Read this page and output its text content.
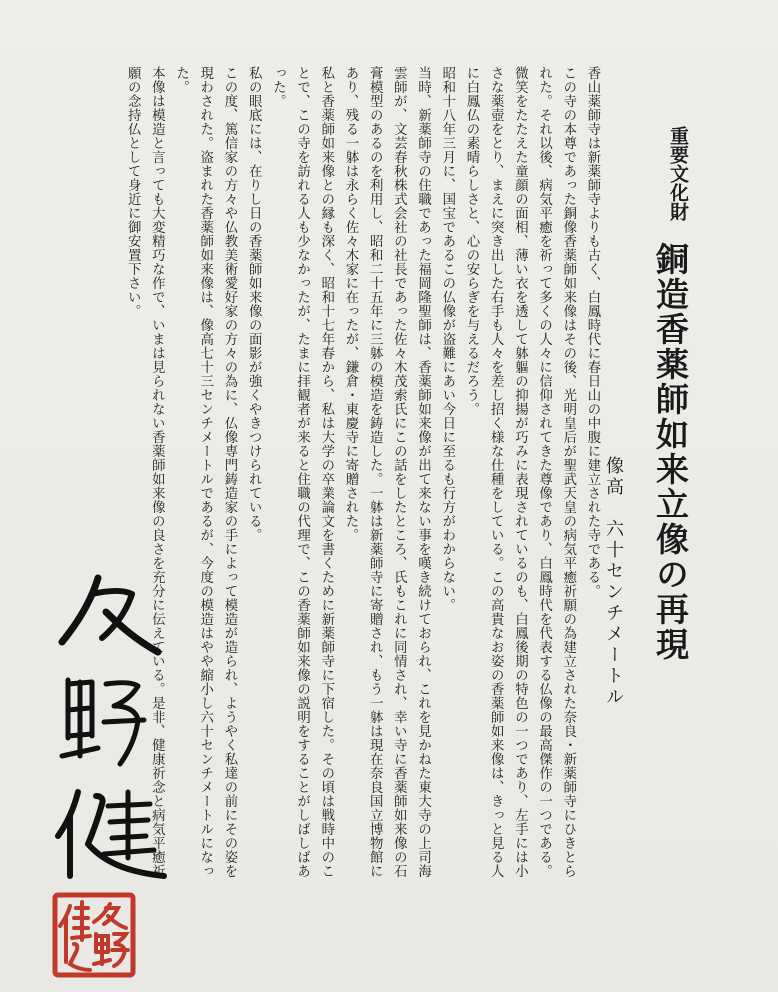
重要文化財
銅造香薬師如来立像の再現
像高　六十センチメートル

香山薬師寺は新薬師寺よりも古く、白鳳時代に春日山の中腹に建立された寺である。
この寺の本尊であった銅像香薬師如来像はその後、光明皇后が聖武天皇の病気平癒祈願の為建立された奈良・新薬師寺にひきとられた。それ以後、病気平癒を祈って多くの人々に信仰されてきた尊像であり、白鳳時代を代表する仏像の最高傑作の一つである。
微笑をたたえた童顔の面相、薄い衣を透して躰軀の抑揚が巧みに表現されているのも、白鳳後期の特色の一つであり、左手には小さな薬壺をとり、まえに突き出した右手も人々を差し招く様な仕種をしている。この高貴なお姿の香薬師如来像は、きっと見る人に白鳳仏の素晴らしさと、心の安らぎを与えるだろう。

昭和十八年三月に、国宝であるこの仏像が盗難にあい今日に至るも行方がわからない。
当時、新薬師寺の住職であった福岡隆聖師は、香薬師如来像が出て来ない事を嘆き続けておられ、これを見かねた東大寺の上司海雲師が、文芸春秋株式会社の社長であった佐々木茂索氏にこの話をしたところ、氏もこれに同情され、幸い寺に香薬師如来像の石膏模型のあるのを利用し、昭和二十五年に三躰の模造を鋳造した。一躰は新薬師寺に寄贈され、もう一躰は現在奈良国立博物館にあり、残る一躰は永らく佐々木家に在ったが、鎌倉・東慶寺に寄贈された。

私と香薬師如来像との縁も深く、昭和十七年春から、私は大学の卒業論文を書くために新薬師寺に下宿した。その頃は戦時中のことで、この寺を訪れる人も少なかったが、たまに拝観者が来ると住職の代理で、この香薬師如来像の説明をすることがしばしばあった。
私の眼底には、在りし日の香薬師如来像の面影が強くやきつけられている。

この度、篤信家の方々や仏教美術愛好家の方々の為に、仏像専門鋳造家の手によって模造が造られ、ようやく私達の前にその姿を現わされた。盗まれた香薬師如来像は、像高七十三センチメートルであるが、今度の模造はやや縮小し六十センチメートルになった。
本像は模造と言っても大変精巧な作で、いまは見られない香薬師如来像の良さを充分に伝えている。是非、健康祈念と病気平癒祈願の念持仏として身近に御安置下さい。
